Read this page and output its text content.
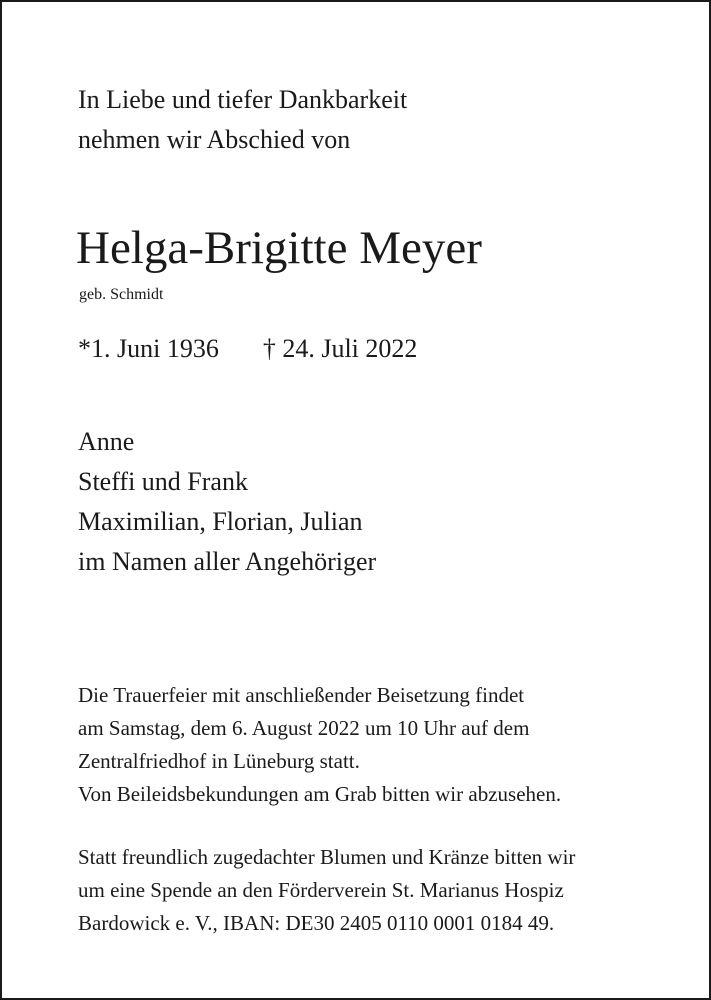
In Liebe und tiefer Dankbarkeit
nehmen wir Abschied von
Helga-Brigitte Meyer
geb. Schmidt
*1. Juni 1936 † 24. Juli 2022
Anne
Steffi und Frank
Maximilian, Florian, Julian
im Namen aller Angehöriger
Die Trauerfeier mit anschließender Beisetzung findet
am Samstag, dem 6. August 2022 um 10 Uhr auf dem
Zentralfriedhof in Lüneburg statt.
Von Beileidsbekundungen am Grab bitten wir abzusehen.
Statt freundlich zugedachter Blumen und Kränze bitten wir
um eine Spende an den Förderverein St. Marianus Hospiz
Bardowick e. V., IBAN: DE30 2405 0110 0001 0184 49.
